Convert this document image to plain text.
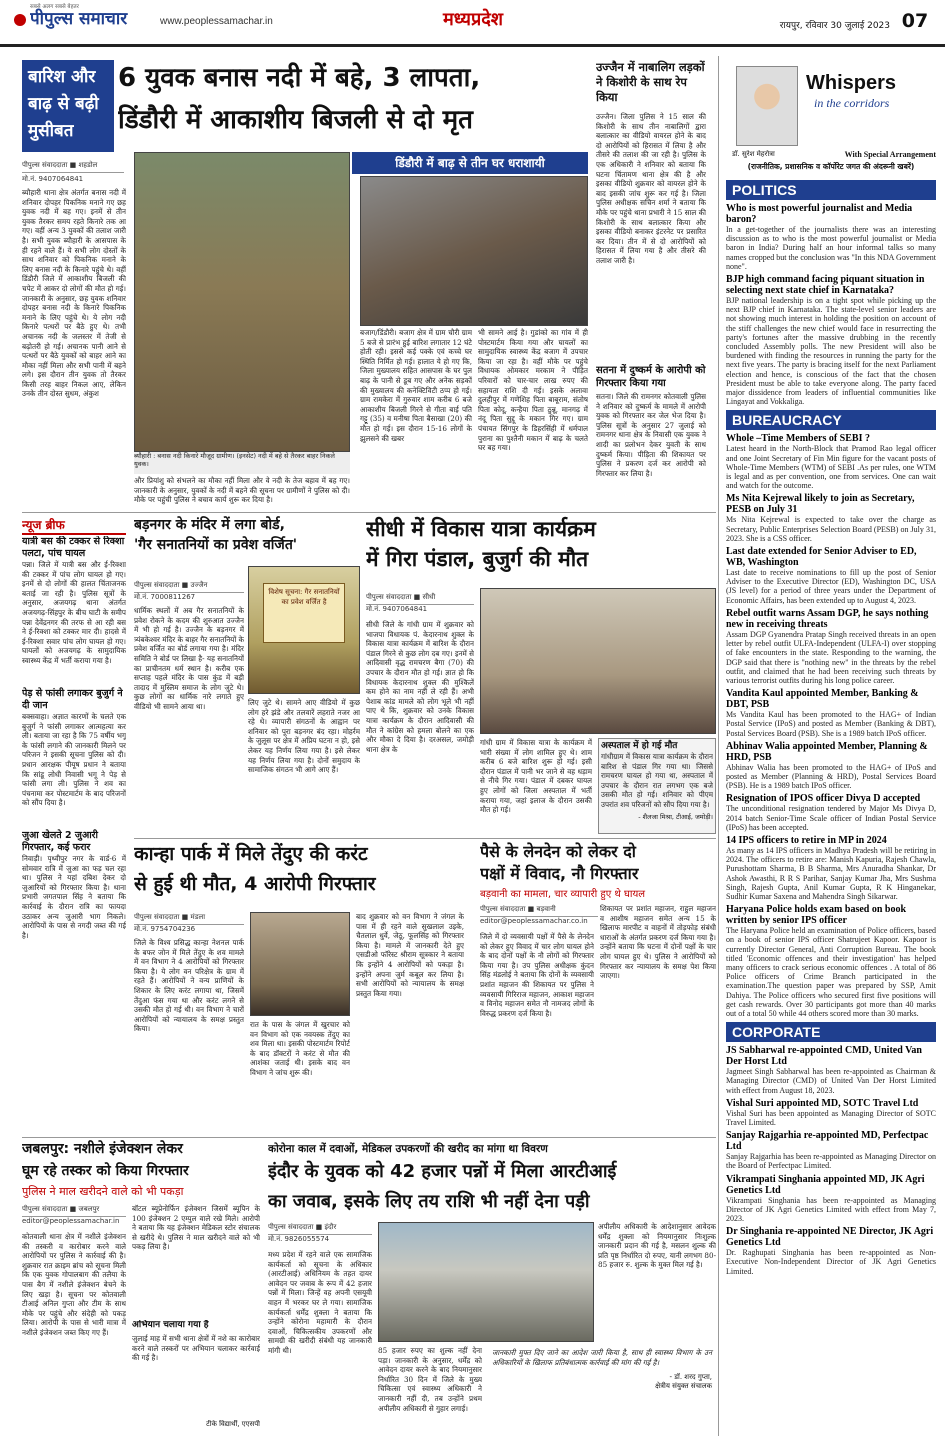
पीपुल्स समाचार
सबसे अलग सबसे बेहतर
www.peoplessamachar.in	मध्यप्रदेश	रायपुर, रविवार 30 जुलाई 2023 07
बारिश और बाढ़ से बढ़ी मुसीबत
पीपुल्स संवाददाता ■ शहडोल
मो.नं. 9407064841
6 युवक बनास नदी में बहे, 3 लापता,
डिंडौरी में आकाशीय बिजली से दो मृत
ब्यौहारी थाना क्षेत्र अंतर्गत बनास नदी में शनिवार दोपहर पिकनिक मनाने गए छह युवक नदी में बह गए। इनमें से तीन युवक तैरकर समय रहते किनारे तक आ गए। वहीं अन्य 3 युवकों की तलाश जारी है। सभी युवक ब्यौहारी के आसपास के ही रहने वाले हैं। ये सभी लोग दोस्तों के साथ शनिवार को पिकनिक मनाने के लिए बनास नदी के किनारे पहुंचे थे। वहीं डिंडौरी जिले में आकाशीय बिजली की चपेट में आकर दो लोगों की मौत हो गई। जानकारी के अनुसार, छह युवक शनिवार दोपहर बनास नदी के किनारे पिकनिक मनाने के लिए पहुंचे थे। ये लोग नदी किनारे पत्थरों पर बैठे हुए थे। तभी अचानक नदी के जलस्तर में तेजी से बढ़ोतरी हो गई। अचानक पानी आने से पत्थरों पर बैठे युवकों को बाहर आने का मौका नहीं मिला और सभी पानी में बहने लगे। इस दौरान तीन युवक तो तैरकर किसी तरह बाहर निकल आए, लेकिन उनके तीन दोस्त सुधम, अंकुश
ब्यौहारी : बनास नदी किनारे मौजूद ग्रामीण। (इनसेट) नदी में बहे से तैरकर बाहर निकले युवक।
और प्रियांशु को संभलने का मौका नहीं मिला और वे नदी के तेज बहाव में बह गए। जानकारी के अनुसार, युवकों के नदी में बहने की सूचना पर ग्रामीणों ने पुलिस को दी। मौके पर पहुंची पुलिस ने बचाव कार्य शुरू कर दिया है।
डिंडौरी में बाढ़ से तीन घर धराशायी
बजाग/डिंडौरी। बजाग क्षेत्र में ग्राम चौरी ग्राम 5 बजे से प्रारंभ हुई बारिश लगातार 12 घंटे होती रही। इससे कई पक्के एवं कच्चे घर स्थिति निर्मित हो गई। हालात ये हो गए कि, जिला मुख्यालय सहित आसपास के घर पुल बाढ़ के पानी से डूब गए और अनेक सड़कों की मुख्यालय की कनेक्टिविटी ठप्प हो गई। ग्राम रामकेरा में गुरुवार शाम करीब 6 बजे आकाशीय बिजली गिरने से गीता बाई पति गट्टू (35) व मनीषा पिता बैसाखा (20) की मौत हो गई। इस दौरान 15-16 लोगों के झुलसने की खबर
भी सामने आई है। गुडांको का गांव में ही पोस्टमार्टम किया गया और घायलों का सामुदायिक स्वास्थ्य केंद्र बजाग में उपचार किया जा रहा है। वहीं मौके पर पहुंचे विधायक ओमकार मरकाम ने पीड़ित परिवारों को चार-चार लाख रुपए की सहायता राशि दी गई। इसके अलावा दुलहीपुर में गणेशिह पिता बाबूराम, संतोष पिता कोदू, कन्हैया पिता ठुन्नू, मानगढ़ में नंदू पिता सुद्दू के मकान गिर गए। ग्राम पंचायत सिंगपुर के डिहरसिंही में धर्मपाल पुराना का पुश्तैनी मकान में बाढ़ के चलते घर बह गया।
उज्जैन में नाबालिग लड़कों ने किशोरी के साथ रेप किया
उज्जैन। जिला पुलिस ने 15 साल की किशोरी के साथ तीन नाबालिगों द्वारा बलात्कार का वीडियो वायरल होने के बाद दो आरोपियों को हिरासत में लिया है और तीसरे की तलाश की जा रही है। पुलिस के एक अधिकारी ने शनिवार को बताया कि घटना चिंतामण थाना क्षेत्र की है और इसका वीडियो शुक्रवार को वायरल होने के बाद इसकी जांच शुरू कर गई है। जिला पुलिस अधीक्षक सचिन शर्मा ने बताया कि मौके पर पहुंचे थाना प्रभारी ने 15 साल की किशोरी के साथ बलात्कार किया और इसका वीडियो बनाकर इंटरनेट पर प्रसारित कर दिया। तीन में से दो आरोपियों को हिरासत में लिया गया है और तीसरे की तलाश जारी है।
सतना में दुष्कर्म के आरोपी को गिरफ्तार किया गया
सतना। जिले की रामनगर कोतवाली पुलिस ने शनिवार को दुष्कर्म के मामले में आरोपी युवक को गिरफ्तार कर जेल भेज दिया है। पुलिस सूत्रों के अनुसार 27 जुलाई को रामनगर थाना क्षेत्र के निवासी एक युवक ने शादी का प्रलोभन देकर युवती के साथ दुष्कर्म किया। पीड़िता की शिकायत पर पुलिस ने प्रकरण दर्ज कर आरोपी को गिरफ्तार कर लिया है।
न्यूज ब्रीफ
यात्री बस की टक्कर से रिक्शा पलटा, पांच घायल
पन्ना। जिले में यात्री बस और ई-रिक्शा की टक्कर में पांच लोग घायल हो गए। इनमें से दो लोगों की हालत चिंताजनक बताई जा रही है। पुलिस सूत्रों के अनुसार, अजयगढ़ थाना अंतर्गत अजयगढ़-सिंहपुर के बीच घाटी के समीप पन्ना देवेंद्रनगर की तरफ से आ रही बस ने ई-रिक्शा को टक्कर मार दी। हादसे में ई-रिक्शा सवार पांच लोग घायल हो गए। घायलों को अजयगढ़ के सामुदायिक स्वास्थ्य केंद्र में भर्ती कराया गया है।
पेड़ से फांसी लगाकर बुजुर्ग ने दी जान
बक्सवाहा। अज्ञात कारणों के चलते एक बुजुर्ग ने फांसी लगाकर आत्महत्या कर ली। बताया जा रहा है कि 75 वर्षीय भगू के फांसी लगाने की जानकारी मिलने पर परिजन ने इसकी सूचना पुलिस को दी। प्रधान आरक्षक पीयूष प्रधान ने बताया कि सांडू लोधी निवासी भगू ने पेड़ से फांसी लगा ली। पुलिस ने शव का पंचनामा कर पोस्टमार्टम के बाद परिजनों को सौंप दिया है।
जुआ खेलते 2 जुआरी गिरफ्तार, कई फरार
निवाड़ी। पृथ्वीपुर नगर के वार्ड-6 में सोमवार रात्रि में जुआ का फड़ चल रहा था। पुलिस ने यहां दबिश देकर दो जुआरियों को गिरफ्तार किया है। थाना प्रभारी जगतपाल सिंह ने बताया कि कार्रवाई के दौरान रात्रि का फायदा उठाकर अन्य जुआरी भाग निकले। आरोपियों के पास से नगदी जब्त की गई है।
बड़नगर के मंदिर में लगा बोर्ड,
'गैर सनातनियों का प्रवेश वर्जित'
पीपुल्स संवाददाता ■ उज्जैन
मो.नं. 7000811267
धार्मिक स्थलों में अब गैर सनातनियों के प्रवेश रोकने के कदम की शुरुआत उज्जैन में भी हो गई है। उज्जैन के बड़नगर में त्र्यंबकेश्वर मंदिर के बाहर गैर सनातनियों के प्रवेश वर्जित का बोर्ड लगाया गया है। मंदिर समिति ने बोर्ड पर लिखा है- यह सनातनियों का प्राचीनतम धर्म स्थान है। करीब एक सप्ताह पहले मंदिर के पास कुंड में बड़ी तादाद में मुस्लिम समाज के लोग जुटे थे। कुछ लोगों का धार्मिक नारे लगाते हुए वीडियो भी सामने आया था।
विशेष सूचना: गैर सनातनियों का प्रवेश वर्जित है
लिए जुटे थे। सामने आए वीडियो में कुछ लोग हरे झंडे और तलवारें लहराते नजर आ रहे थे। व्यापारी संगठनों के आह्वान पर शनिवार को पूरा बड़नगर बंद रहा। मोहर्रम के जुलूस पर क्षेत्र में अप्रिय घटना न हो, इसे लेकर यह निर्णय लिया गया है। इसे लेकर यह निर्णय लिया गया है। दोनों समुदाय के सामाजिक संगठन भी आगे आए हैं।
सीधी में विकास यात्रा कार्यक्रम
में गिरा पंडाल, बुजुर्ग की मौत
पीपुल्स संवाददाता ■ सीधी
मो.नं. 9407064841
सीधी जिले के गांधी ग्राम में शुक्रवार को भाजपा विधायक पं. केदारनाथ शुक्ल के विकास यात्रा कार्यक्रम में बारिश के दौरान पंडाल गिरने से कुछ लोग दब गए। इनमें से आदिवासी वृद्ध रामचरण बैगा (70) की उपचार के दौरान मौत हो गई। ज्ञात हो कि विधायक केदारनाथ शुक्ल की मुश्किलें कम होने का नाम नहीं ले रही हैं। अभी पेशाब कांड मामले को लोग भूले भी नहीं पाए थे कि, शुक्रवार को उनके विकास यात्रा कार्यक्रम के दौरान आदिवासी की मौत ने कांग्रेस को हमला बोलने का एक और मौका दे दिया है। दरअसल, जमोड़ी थाना क्षेत्र के
गांधी ग्राम में विकास यात्रा के कार्यक्रम में भारी संख्या में लोग शामिल हुए थे। शाम करीब 6 बजे बारिश शुरू हो गई। इसी दौरान पंडाल में पानी भर जाने से वह धड़ाम से नीचे गिर गया। पंडाल में दबकर घायल हुए लोगों को जिला अस्पताल में भर्ती कराया गया, जहां इलाज के दौरान उसकी मौत हो गई।
अस्पताल में हो गई मौत
गांधीग्राम में विकास यात्रा कार्यक्रम के दौरान बारिश से पंडाल गिर गया था। जिससे रामचरण घायल हो गया था, अस्पताल में उपचार के दौरान रात लगभग एक बजे उसकी मौत हो गई। शनिवार को पीएम उपरांत शव परिजनों को सौंप दिया गया है।
- शैलजा मिश्रा, टीआई, जमोड़ी।
कान्हा पार्क में मिले तेंदुए की करंट
से हुई थी मौत, 4 आरोपी गिरफ्तार
पीपुल्स संवाददाता ■ मंडला
मो.नं. 9754704236
जिले के विश्व प्रसिद्ध कान्हा नेशनल पार्क के बफर जोन में मिले तेंदुए के शव मामले में वन विभाग ने 4 आरोपियों को गिरफ्तार किया है। ये लोग वन परिक्षेत्र के ग्राम में रहते हैं। आरोपियों ने वन्य प्राणियों के शिकार के लिए करंट लगाया था, जिसमें तेंदुआ फंस गया था और करंट लगने से उसकी मौत हो गई थी। वन विभाग ने चारों आरोपियों को न्यायालय के समक्ष प्रस्तुत किया।	रात के पास के जंगल में खुरचार को वन विभाग को एक नवयस्क तेंदुए का शव मिला था। इसकी पोस्टमार्टम रिपोर्ट के बाद डॉक्टरों ने करंट से मौत की आशंका जताई थी। इसके बाद वन विभाग ने जांच शुरू की।
बाद शुक्रवार को वन विभाग ने जंगल के पास में ही रहने वाले सुखलाल उइके, चैतलाल धुर्वे, जेठू, फूलसिंह को गिरफ्तार किया है। मामले में जानकारी देते हुए एसडीओ फॉरेस्ट श्रीराम सूत्रकार ने बताया कि इन्होंने 4 आरोपियों को पकड़ा है। इन्होंने अपना जुर्म कबूल कर लिया है। सभी आरोपियों को न्यायालय के समक्ष प्रस्तुत किया गया।
पैसे के लेनदेन को लेकर दो
पक्षों में विवाद, नौ गिरफ्तार
बड़वानी का मामला, चार व्यापारी हुए थे घायल
पीपुल्स संवाददाता ■ बड़वानी
editor@peoplessamachar.co.in
जिले में दो व्यवसायी पक्षों में पैसे के लेनदेन को लेकर हुए विवाद में चार लोग घायल होने के बाद दोनों पक्षों के नौ लोगों को गिरफ्तार किया गया है। उप पुलिस अधीक्षक कुंदन सिंह मंडलोई ने बताया कि दोनों के व्यवसायी प्रशांत महाजन की शिकायत पर पुलिस ने व्यवसायी गिरिराज महाजन, आकाश महाजन व विनोद महाजन समेत नौ नामजद लोगों के विरुद्ध प्रकरण दर्ज किया है।
शिकायत पर प्रशांत महाजन, राहुल महाजन व आशीष महाजन समेत अन्य 15 के खिलाफ मारपीट व वाहनों में तोड़फोड़ संबंधी धाराओं के अंतर्गत प्रकरण दर्ज किया गया है। उन्होंने बताया कि घटना में दोनों पक्षों के चार लोग घायल हुए थे। पुलिस ने आरोपियों को गिरफ्तार कर न्यायालय के समक्ष पेश किया जाएगा।
जबलपुर: नशीले इंजेक्शन लेकर
घूम रहे तस्कर को किया गिरफ्तार
पुलिस ने माल खरीदने वाले को भी पकड़ा
पीपुल्स संवाददाता ■ जबलपुर
editor@peoplessamachar.in
कोतवाली थाना क्षेत्र में नशीले इंजेक्शन की तस्करी व कारोबार करने वाले आरोपियों पर पुलिस ने कार्रवाई की है। शुक्रवार रात क्राइम ब्रांच को सूचना मिली कि एक युवक गोपालबाग की तलैया के पास बैग में नशीले इंजेक्शन बेचने के लिए खड़ा है। सूचना पर कोतवाली टीआई अनिल गुप्ता और टीम के साथ मौके पर पहुंचे और संदेही को पकड़ लिया। आरोपी के पास से भारी मात्रा में नशीले इंजेक्शन जब्त किए गए हैं।
बॉटल ब्यूप्रेनोर्फिन इंजेक्शन जिसमें ब्यूपिन के 100 इंजेक्शन 2 एम्पुल वाले रखे मिले। आरोपी ने बताया कि यह इंजेक्शन मेडिकल स्टोर संचालक से खरीदे थे। पुलिस ने माल खरीदने वाले को भी पकड़ लिया है।
अभियान चलाया गया है
जुलाई माह में सभी थाना क्षेत्रों में नशे का कारोबार करने वाले तस्करों पर अभियान चलाकर कार्रवाई की गई है।
टीके विद्यार्थी, एएसपी
कोरोना काल में दवाओं, मेडिकल उपकरणों की खरीद का मांगा था विवरण
इंदौर के युवक को 42 हजार पन्नों में मिला आरटीआई
का जवाब, इसके लिए तय राशि भी नहीं देना पड़ी
पीपुल्स संवाददाता ■ इंदौर
मो.नं. 9826055574
मध्य प्रदेश में रहने वाले एक सामाजिक कार्यकर्ता को सूचना के अधिकार (आरटीआई) अधिनियम के तहत दायर आवेदन पर जवाब के रूप में 42 हजार पन्नों में मिला। जिन्हें वह अपनी एसयूवी वाहन में भरकर घर ले गया। सामाजिक कार्यकर्ता धर्मेंद्र शुक्ला ने बताया कि उन्होंने कोरोना महामारी के दौरान दवाओं, चिकित्सकीय उपकरणों और सामग्री की खरीदी संबंधी यह जानकारी मांगी थी।	85 हजार रुपए का शुल्क नहीं देना पड़ा। जानकारी के अनुसार, धर्मेंद्र को आवेदन दायर करने के बाद नियमानुसार निर्धारित 30 दिन में जिले के मुख्य चिकित्सा एवं स्वास्थ्य अधिकारी ने जानकारी नहीं दी, तब उन्होंने प्रथम अपीलीय अधिकारी से गुहार लगाई।
अपीलीय अधिकारी के आदेशानुसार आवेदक धर्मेंद्र शुक्ला को नियमानुसार निःशुल्क जानकारी प्रदान की गई है, मसलन शुल्क की प्रति पृष्ठ निर्धारित दो रुपए, यानी लगभग 80-85 हजार रु. शुल्क के मुक्त मिल गई है।
जानकारी मुफ्त दिए जाने का आदेश जारी किया है, साथ ही स्वास्थ्य विभाग के उन अधिकारियों के खिलाफ प्रतिबंधात्मक कार्रवाई की मांग की गई है।
- डॉ. शरद गुप्ता,
क्षेत्रीय संयुक्त संचालक
Whispers
in the corridors
डॉ. सुरेश मेहरोत्रा	With Special Arrangement
(राजनीतिक, प्रशासनिक व कॉर्पोरेट जगत की अंदरूनी खबरें)
POLITICS
Who is most powerful journalist and Media baron?
In a get-together of the journalists there was an interesting discussion as to who is the most powerful journalist or Media baron in India? During half an hour informal talks so many names cropped but the conclusion was "In this NDA Government none".
BJP high command facing piquant situation in selecting next state chief in Karnataka?
BJP national leadership is on a tight spot while picking up the next BJP chief in Karnataka. The state-level senior leaders are not showing much interest in holding the position on account of the stiff challenges the new chief would face in resurrecting the party's fortunes after the massive drubbing in the recently concluded Assembly polls. The new President will also be burdened with finding the resources in running the party for the next five years. The party is bracing itself for the next Parliament election and hence, is conscious of the fact that the chosen President must be able to take everyone along. The party faced major dissidence from leaders of influential communities like Lingayat and Vokkaliga.
BUREAUCRACY
Whole –Time Members of SEBI ?
Latest heard in the North-Block that Pramod Rao legal officer and one Joint Secretary of Fin Min figure for the vacant posts of Whole-Time Members (WTM) of SEBI .As per rules, one WTM is legal and as per convention, one from services. One can wait and watch for the outcome.
Ms Nita Kejrewal likely to join as Secretary, PESB on July 31
Ms Nita Kejrewal is expected to take over the charge as Secretary, Public Enterprises Selection Board (PESB) on July 31, 2023. She is a CSS officer.
Last date extended for Senior Adviser to ED, WB, Washington
Last date to receive nominations to fill up the post of Senior Adviser to the Executive Director (ED), Washington DC, USA (JS level) for a period of three years under the Department of Economic Affairs, has been extended up to August 4, 2023.
Rebel outfit warns Assam DGP, he says nothing new in receiving threats
Assam DGP Gyanendra Pratap Singh received threats in an open letter by rebel outfit ULFA-Independent (ULFA-I) over stopping of fake encounters in the state. Responding to the warning, the DGP said that there is "nothing new" in the threats by the rebel outfit, and claimed that he had been receiving such threats by various terrorist outfits during his long police career.
Vandita Kaul appointed Member, Banking & DBT, PSB
Ms Vandita Kaul has been promoted to the HAG+ of Indian Postal Service (IPoS) and posted as Member (Banking & DBT), Postal Services Board (PSB). She is a 1989 batch IPoS officer.
Abhinav Walia appointed Member, Planning & HRD, PSB
Abhinav Walia has been promoted to the HAG+ of IPoS and posted as Member (Planning & HRD), Postal Services Board (PSB). He is a 1989 batch IPoS officer.
Resignation of IPOS officer Divya D accepted
The unconditional resignation tendered by Major Ms Divya D, 2014 batch Senior-Time Scale officer of Indian Postal Service (IPoS) has been accepted.
14 IPS officers to retire in MP in 2024
As many as 14 IPS officers in Madhya Pradesh will be retiring in 2024. The officers to retire are: Manish Kapuria, Rajesh Chawla, Purushottam Sharma, B B Sharma, Mrs Anuradha Shankar, Dr Ashok Awasthi, R R S Parihar, Sanjay Kumar Jha, Mrs Sushma Singh, Rajesh Gupta, Anil Kumar Gupta, R K Hinganekar, Sudhir Kumar Saxena and Mahendra Singh Sikarwar.
Haryana Police holds exam based on book written by senior IPS officer
The Haryana Police held an examination of Police officers, based on a book of senior IPS officer Shatrujeet Kapoor. Kapoor is currently Director General, Anti Corruption Bureau. The book titled 'Economic offences and their investigation' has helped many officers to crack serious economic offences . A total of 86 Police officers of Crime Branch participated in the examination.The question paper was prepared by SSP, Amit Dahiya. The Police officers who secured first five positions will get cash rewards. Over 30 participants got more than 40 marks out of a total 50 while 44 others scored more than 30 marks.
CORPORATE
JS Sabharwal re-appointed CMD, United Van Der Horst Ltd
Jagmeet Singh Sabharwal has been re-appointed as Chairman & Managing Director (CMD) of United Van Der Horst Limited with effect from August 18, 2023.
Vishal Suri appointed MD, SOTC Travel Ltd
Vishal Suri has been appointed as Managing Director of SOTC Travel Limited.
Sanjay Rajgarhia re-appointed MD, Perfectpac Ltd
Sanjay Rajgarhia has been re-appointed as Managing Director on the Board of Perfectpac Limited.
Vikrampati Singhania appointed MD, JK Agri Genetics Ltd
Vikrampati Singhania has been re-appointed as Managing Director of JK Agri Genetics Limited with effect from May 7, 2023.
Dr Singhania re-appointed NE Director, JK Agri Genetics Ltd
Dr. Raghupati Singhania has been re-appointed as Non-Executive Non-Independent Director of JK Agri Genetics Limited.
